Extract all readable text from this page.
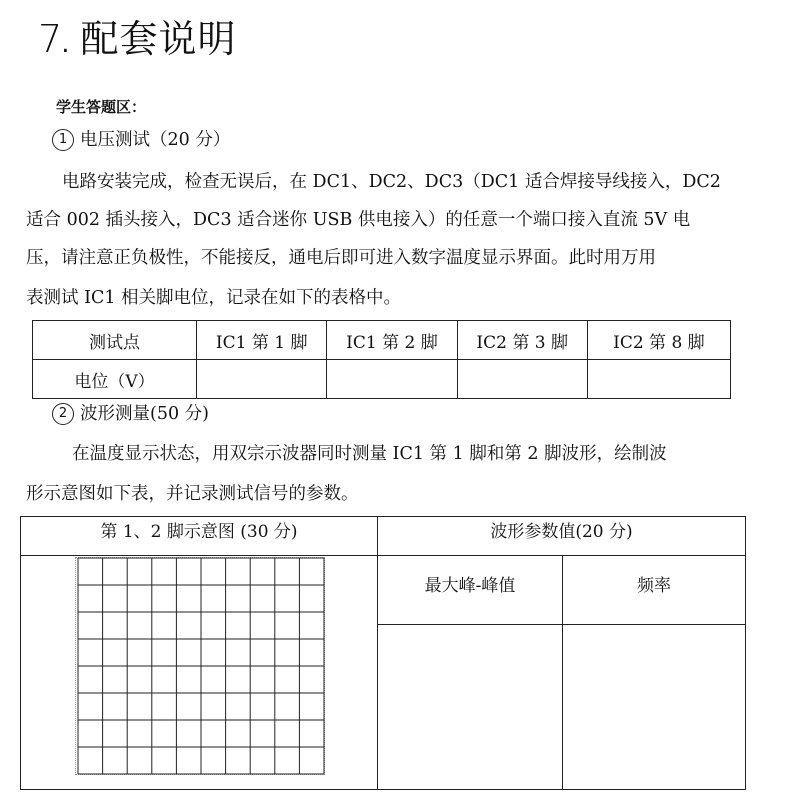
7. 配套说明
学生答题区：
1 电压测试（20 分）
电路安装完成，检查无误后，在 DC1、DC2、DC3（DC1 适合焊接导线接入，DC2
适合 002 插头接入，DC3 适合迷你 USB 供电接入）的任意一个端口接入直流 5V 电
压，请注意正负极性，不能接反，通电后即可进入数字温度显示界面。此时用万用
表测试 IC1 相关脚电位，记录在如下的表格中。
测试点	IC1 第 1 脚	IC1 第 2 脚	IC2 第 3 脚	IC2 第 8 脚
电位（V）				
2 波形测量(50 分)
在温度显示状态，用双宗示波器同时测量 IC1 第 1 脚和第 2 脚波形，绘制波
形示意图如下表，并记录测试信号的参数。
第 1、2 脚示意图 (30 分)	波形参数值(20 分)
最大峰-峰值	频率
